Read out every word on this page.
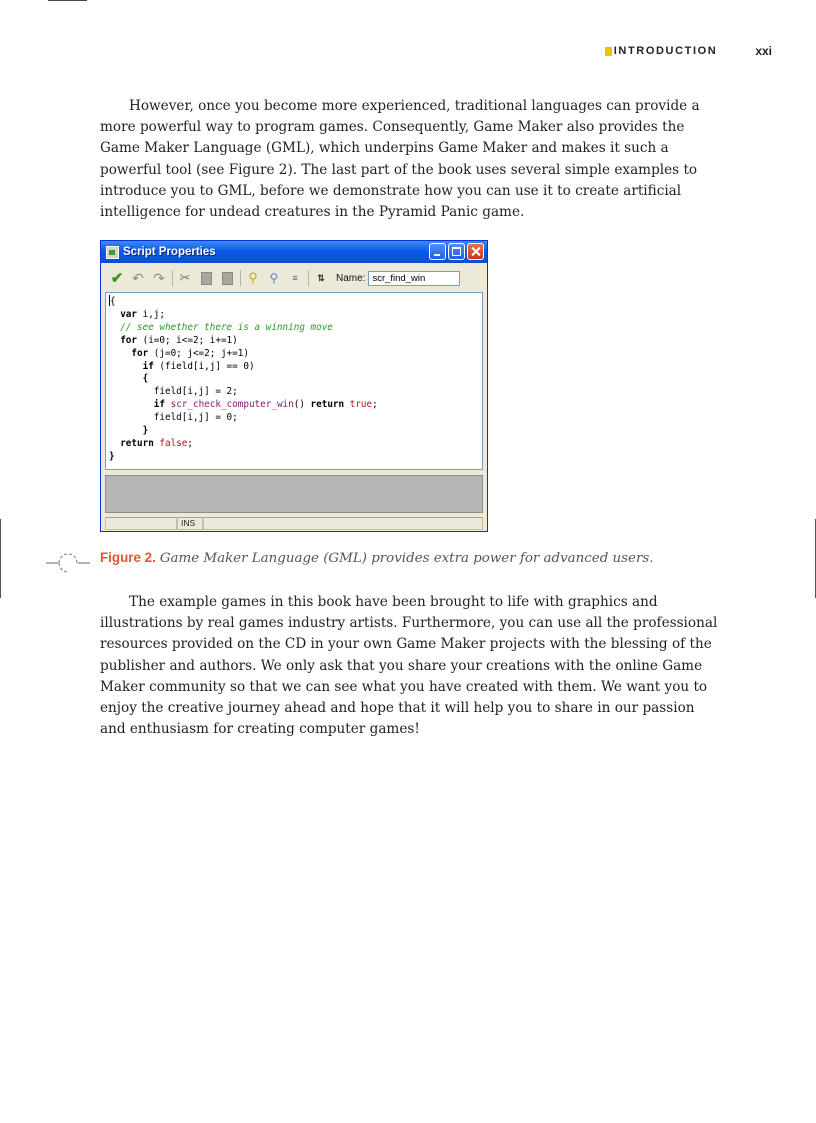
INTRODUCTION	xxi

However, once you become more experienced, traditional languages can provide a more powerful way to program games. Consequently, Game Maker also provides the Game Maker Language (GML), which underpins Game Maker and makes it such a powerful tool (see Figure 2). The last part of the book uses several simple examples to introduce you to GML, before we demonstrate how you can use it to create artificial intelligence for undead creatures in the Pyramid Panic game.

Script Properties
✔ ↶ ↷ ✂	⚲ ⚲	≡	⇅	Name:
scr_find_win
{
var i,j;
// see whether there is a winning move
for (i=0; i<=2; i+=1)
for (j=0; j<=2; j+=1)
if (field[i,j] == 0)
{
field[i,j] = 2;
if scr_check_computer_win() return true;
field[i,j] = 0;
}
return false;
}
INS
Figure 2. Game Maker Language (GML) provides extra power for advanced users.

The example games in this book have been brought to life with graphics and illustrations by real games industry artists. Furthermore, you can use all the professional resources provided on the CD in your own Game Maker projects with the blessing of the publisher and authors. We only ask that you share your creations with the online Game Maker community so that we can see what you have created with them. We want you to enjoy the creative journey ahead and hope that it will help you to share in our passion and enthusiasm for creating computer games!
